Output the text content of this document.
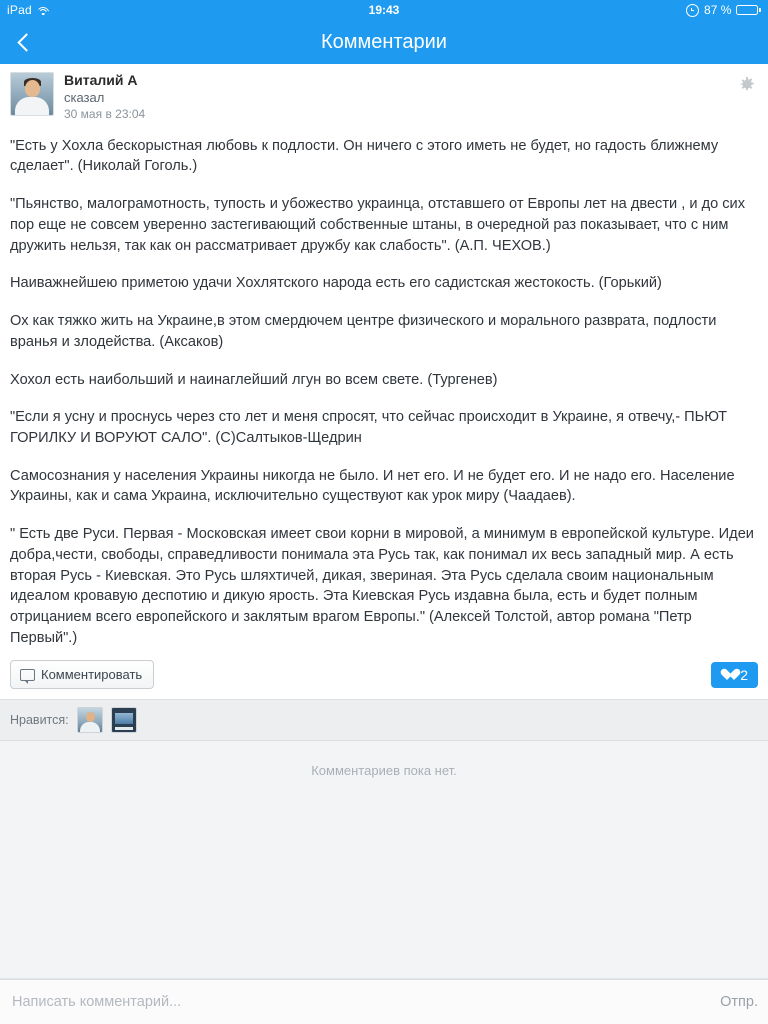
iPad	19:43	87 %
Комментарии
Виталий А
сказал
30 мая в 23:04

"Есть у Хохла бескорыстная любовь к подлости. Он ничего с этого иметь не будет, но гадость ближнему сделает". (Николай Гоголь.)

"Пьянство, малограмотность, тупость и убожество украинца, отставшего от Европы лет на двести , и до сих пор еще не совсем уверенно застегивающий собственные штаны, в очередной раз показывает, что с ним дружить нельзя, так как он рассматривает дружбу как слабость". (А.П. ЧЕХОВ.)

Наиважнейшею приметою удачи Хохлятского народа есть его садистская жестокость. (Горький)

Ох как тяжко жить на Украине,в этом смердючем центре физического и морального разврата, подлости вранья и злодейства. (Аксаков)

Хохол есть наибольший и наинаглейший лгун во всем свете. (Тургенев)

"Если я усну и проснусь через сто лет и меня спросят, что сейчас происходит в Украине, я отвечу,- ПЬЮТ ГОРИЛКУ И ВОРУЮТ САЛО". (С)Салтыков-Щедрин

Самосознания у населения Украины никогда не было. И нет его. И не будет его. И не надо его. Население Украины, как и сама Украина, исключительно существуют как урок миру (Чаадаев).

" Есть две Руси. Первая - Московская имеет свои корни в мировой, а минимум в европейской культуре. Идеи добра,чести, свободы, справедливости понимала эта Русь так, как понимал их весь западный мир. А есть вторая Русь - Киевская. Это Русь шляхтичей, дикая, звериная. Эта Русь сделала своим национальным идеалом кровавую деспотию и дикую ярость. Эта Киевская Русь издавна была, есть и будет полным отрицанием всего европейского и заклятым врагом Европы." (Алексей Толстой, автор романа "Петр Первый".)

Комментировать	2
Нравится:
Комментариев пока нет.
Написать комментарий...
Отпр.
